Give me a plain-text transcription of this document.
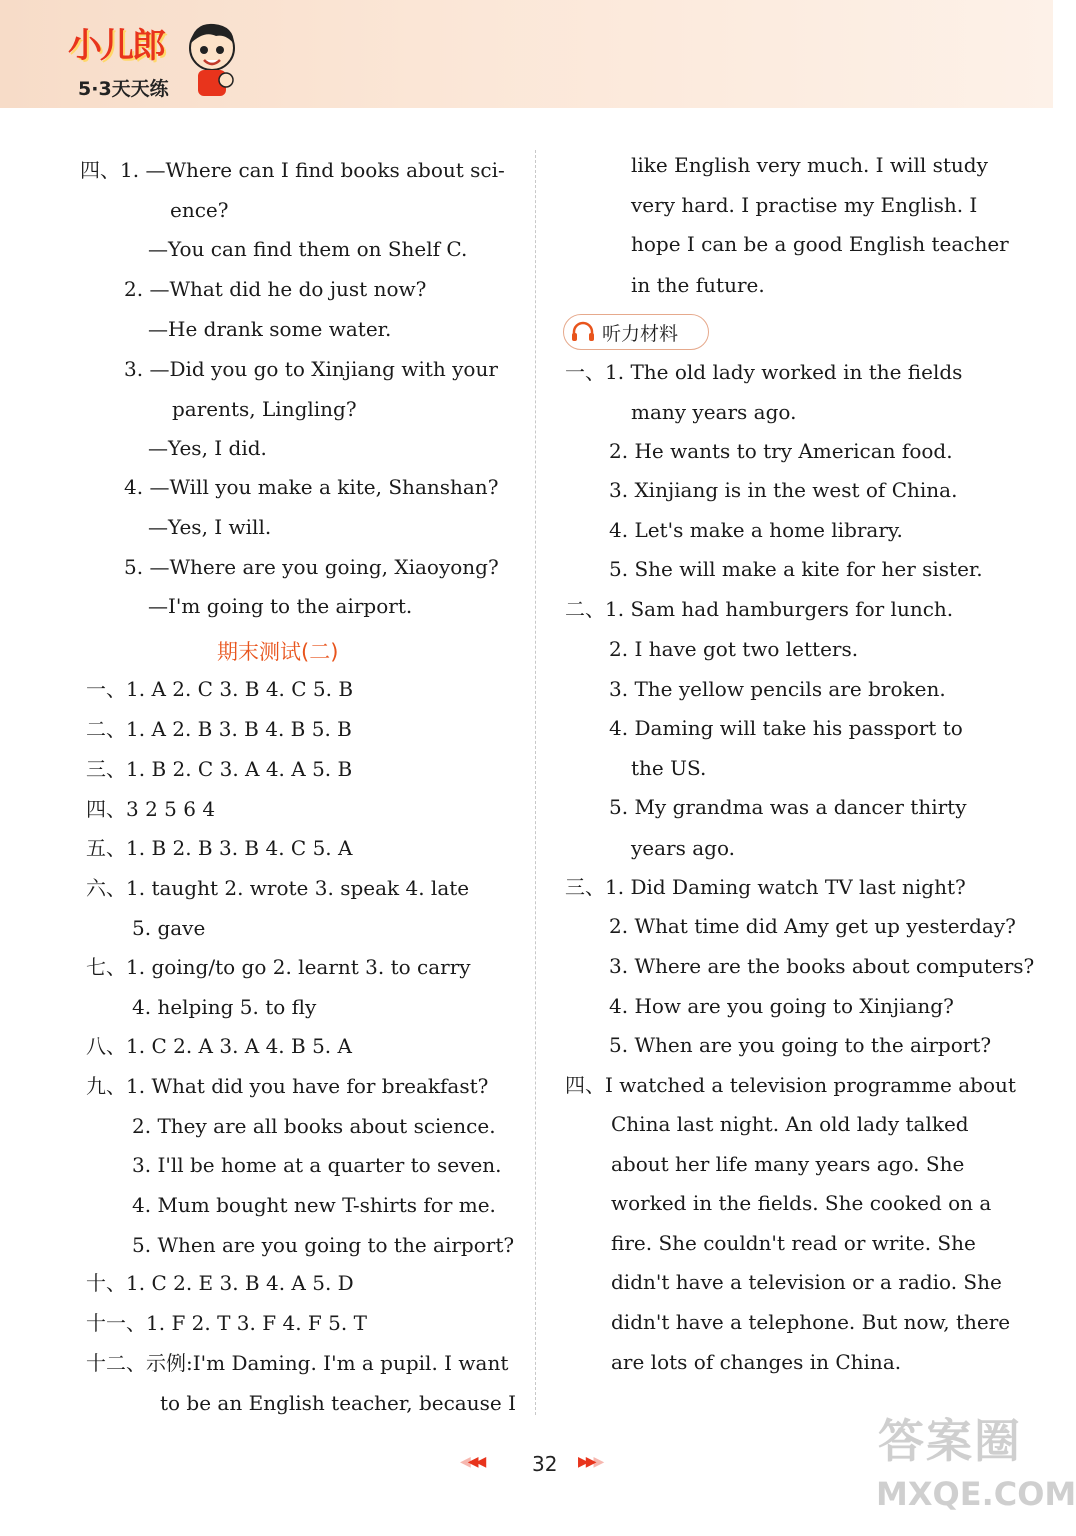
小儿郎
5·3天天练
四、1. —Where can I find books about sci-
ence?
—You can find them on Shelf C.
2. —What did he do just now?
—He drank some water.
3. —Did you go to Xinjiang with your
parents, Lingling?
—Yes, I did.
4. —Will you make a kite, Shanshan?
—Yes, I will.
5. —Where are you going, Xiaoyong?
—I'm going to the airport.
期末测试(二)
一、1. A 2. C 3. B 4. C 5. B
二、1. A 2. B 3. B 4. B 5. B
三、1. B 2. C 3. A 4. A 5. B
四、3 2 5 6 4
五、1. B 2. B 3. B 4. C 5. A
六、1. taught 2. wrote 3. speak 4. late
5. gave
七、1. going/to go 2. learnt 3. to carry
4. helping 5. to fly
八、1. C 2. A 3. A 4. B 5. A
九、1. What did you have for breakfast?
2. They are all books about science.
3. I'll be home at a quarter to seven.
4. Mum bought new T-shirts for me.
5. When are you going to the airport?
十、1. C 2. E 3. B 4. A 5. D
十一、1. F 2. T 3. F 4. F 5. T
十二、示例:I'm Daming. I'm a pupil. I want
to be an English teacher, because I
like English very much. I will study
very hard. I practise my English. I
hope I can be a good English teacher
in the future.
听力材料
一、1. The old lady worked in the fields
many years ago.
2. He wants to try American food.
3. Xinjiang is in the west of China.
4. Let's make a home library.
5. She will make a kite for her sister.
二、1. Sam had hamburgers for lunch.
2. I have got two letters.
3. The yellow pencils are broken.
4. Daming will take his passport to
the US.
5. My grandma was a dancer thirty
years ago.
三、1. Did Daming watch TV last night?
2. What time did Amy get up yesterday?
3. Where are the books about computers?
4. How are you going to Xinjiang?
5. When are you going to the airport?
四、I watched a television programme about
China last night. An old lady talked
about her life many years ago. She
worked in the fields. She cooked on a
fire. She couldn't read or write. She
didn't have a television or a radio. She
didn't have a telephone. But now, there
are lots of changes in China.
◀◀◀ 32 ▶▶▶	答案圈
MXQE.COM
